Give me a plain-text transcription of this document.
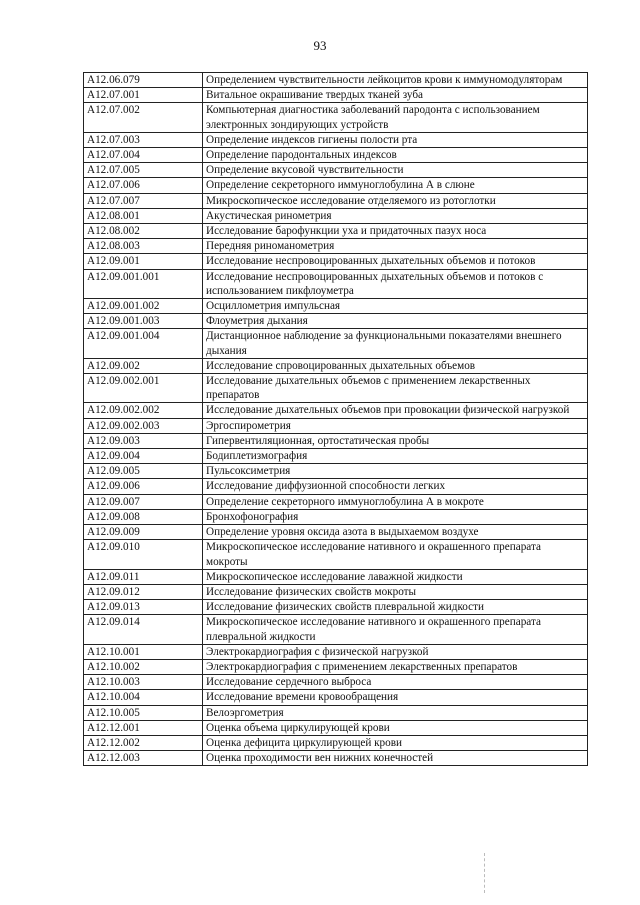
93
A12.06.079	Определением чувствительности лейкоцитов крови к иммуномодуляторам
A12.07.001	Витальное окрашивание твердых тканей зуба
A12.07.002	Компьютерная диагностика заболеваний пародонта с использованием электронных зондирующих устройств
A12.07.003	Определение индексов гигиены полости рта
A12.07.004	Определение пародонтальных индексов
A12.07.005	Определение вкусовой чувствительности
A12.07.006	Определение секреторного иммуноглобулина А в слюне
A12.07.007	Микроскопическое исследование отделяемого из ротоглотки
A12.08.001	Акустическая ринометрия
A12.08.002	Исследование барофункции уха и придаточных пазух носа
A12.08.003	Передняя риноманометрия
A12.09.001	Исследование неспровоцированных дыхательных объемов и потоков
A12.09.001.001	Исследование неспровоцированных дыхательных объемов и потоков с использованием пикфлоуметра
A12.09.001.002	Осциллометрия импульсная
A12.09.001.003	Флоуметрия дыхания
A12.09.001.004	Дистанционное наблюдение за функциональными показателями внешнего дыхания
A12.09.002	Исследование спровоцированных дыхательных объемов
A12.09.002.001	Исследование дыхательных объемов с применением лекарственных препаратов
A12.09.002.002	Исследование дыхательных объемов при провокации физической нагрузкой
A12.09.002.003	Эргоспирометрия
A12.09.003	Гипервентиляционная, ортостатическая пробы
A12.09.004	Бодиплетизмография
A12.09.005	Пульсоксиметрия
A12.09.006	Исследование диффузионной способности легких
A12.09.007	Определение секреторного иммуноглобулина А в мокроте
A12.09.008	Бронхофонография
A12.09.009	Определение уровня оксида азота в выдыхаемом воздухе
A12.09.010	Микроскопическое исследование нативного и окрашенного препарата мокроты
A12.09.011	Микроскопическое исследование лаважной жидкости
A12.09.012	Исследование физических свойств мокроты
A12.09.013	Исследование физических свойств плевральной жидкости
A12.09.014	Микроскопическое исследование нативного и окрашенного препарата плевральной жидкости
A12.10.001	Электрокардиография с физической нагрузкой
A12.10.002	Электрокардиография с применением лекарственных препаратов
A12.10.003	Исследование сердечного выброса
A12.10.004	Исследование времени кровообращения
A12.10.005	Велоэргометрия
A12.12.001	Оценка объема циркулирующей крови
A12.12.002	Оценка дефицита циркулирующей крови
A12.12.003	Оценка проходимости вен нижних конечностей
